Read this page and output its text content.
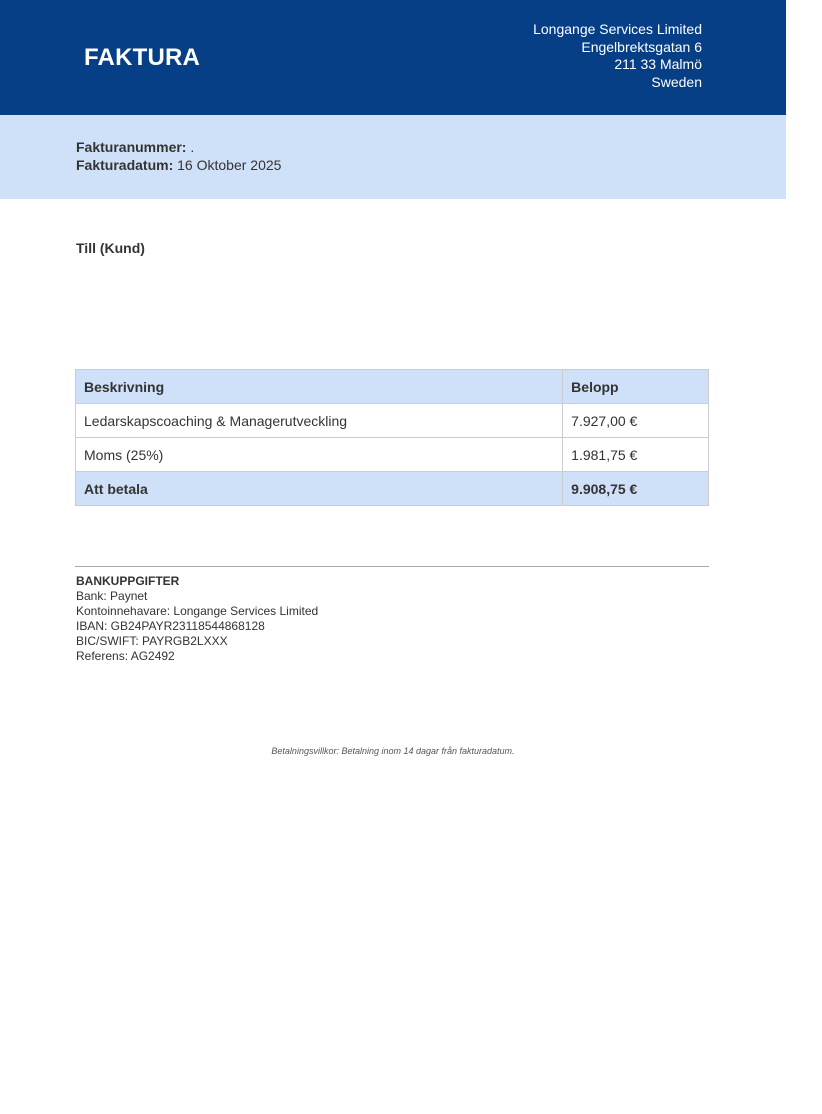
FAKTURA
Longange Services Limited
Engelbrektsgatan 6
211 33 Malmö
Sweden
Fakturanummer: .
Fakturadatum: 16 Oktober 2025
Till (Kund)
Beskrivning	Belopp
Ledarskapscoaching & Managerutveckling	7.927,00 €
Moms (25%)	1.981,75 €
Att betala	9.908,75 €
BANKUPPGIFTER
Bank: Paynet
Kontoinnehavare: Longange Services Limited
IBAN: GB24PAYR23118544868128
BIC/SWIFT: PAYRGB2LXXX
Referens: AG2492
Betalningsvillkor: Betalning inom 14 dagar från fakturadatum.
